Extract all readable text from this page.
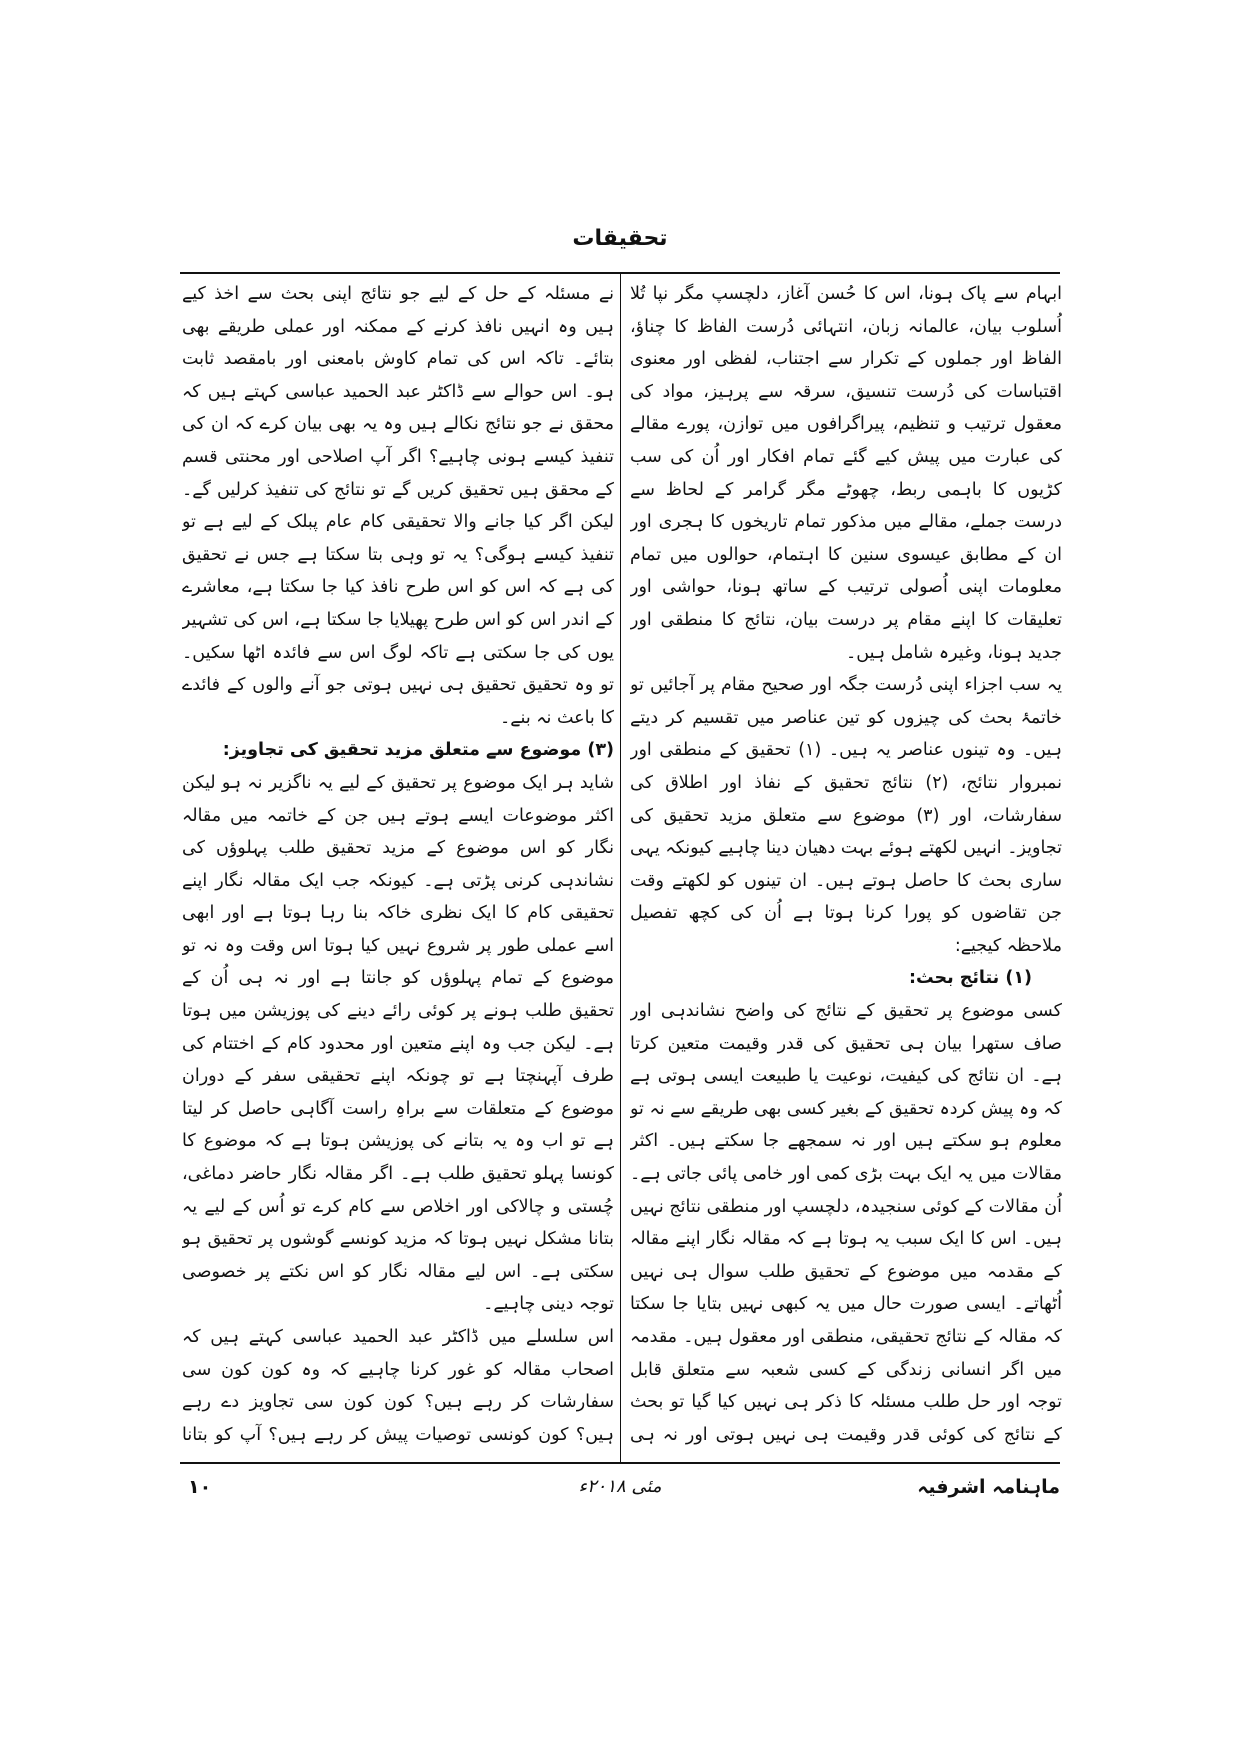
تحقیقات

ابہام سے پاک ہونا، اس کا حُسن آغاز، دلچسپ مگر نپا تُلا اُسلوب بیان، عالمانہ زبان، انتہائی دُرست الفاظ کا چناؤ، الفاظ اور جملوں کے تکرار سے اجتناب، لفظی اور معنوی اقتباسات کی دُرست تنسیق، سرقہ سے پرہیز، مواد کی معقول ترتیب و تنظیم، پیراگرافوں میں توازن، پورے مقالے کی عبارت میں پیش کیے گئے تمام افکار اور اُن کی سب کڑیوں کا باہمی ربط، چھوٹے مگر گرامر کے لحاظ سے درست جملے، مقالے میں مذکور تمام تاریخوں کا ہجری اور ان کے مطابق عیسوی سنین کا اہتمام، حوالوں میں تمام معلومات اپنی اُصولی ترتیب کے ساتھ ہونا، حواشی اور تعلیقات کا اپنے مقام پر درست بیان، نتائج کا منطقی اور جدید ہونا، وغیرہ شامل ہیں۔

یہ سب اجزاء اپنی دُرست جگہ اور صحیح مقام پر آجائیں تو خاتمۂ بحث کی چیزوں کو تین عناصر میں تقسیم کر دیتے ہیں۔ وہ تینوں عناصر یہ ہیں۔ (۱) تحقیق کے منطقی اور نمبروار نتائج، (۲) نتائج تحقیق کے نفاذ اور اطلاق کی سفارشات، اور (۳) موضوع سے متعلق مزید تحقیق کی تجاویز۔ انہیں لکھتے ہوئے بہت دھیان دینا چاہیے کیونکہ یہی ساری بحث کا حاصل ہوتے ہیں۔ ان تینوں کو لکھتے وقت جن تقاضوں کو پورا کرنا ہوتا ہے اُن کی کچھ تفصیل ملاحظہ کیجیے:

(۱) نتائج بحث:

کسی موضوع پر تحقیق کے نتائج کی واضح نشاندہی اور صاف ستھرا بیان ہی تحقیق کی قدر وقیمت متعین کرتا ہے۔ ان نتائج کی کیفیت، نوعیت یا طبیعت ایسی ہوتی ہے کہ وہ پیش کردہ تحقیق کے بغیر کسی بھی طریقے سے نہ تو معلوم ہو سکتے ہیں اور نہ سمجھے جا سکتے ہیں۔ اکثر مقالات میں یہ ایک بہت بڑی کمی اور خامی پائی جاتی ہے۔ اُن مقالات کے کوئی سنجیدہ، دلچسپ اور منطقی نتائج نہیں ہیں۔ اس کا ایک سبب یہ ہوتا ہے کہ مقالہ نگار اپنے مقالہ کے مقدمہ میں موضوع کے تحقیق طلب سوال ہی نہیں اُٹھاتے۔ ایسی صورت حال میں یہ کبھی نہیں بتایا جا سکتا کہ مقالہ کے نتائج تحقیقی، منطقی اور معقول ہیں۔ مقدمہ میں اگر انسانی زندگی کے کسی شعبہ سے متعلق قابل توجہ اور حل طلب مسئلہ کا ذکر ہی نہیں کیا گیا تو بحث کے نتائج کی کوئی قدر وقیمت ہی نہیں ہوتی اور نہ ہی

نے مسئلہ کے حل کے لیے جو نتائج اپنی بحث سے اخذ کیے ہیں وہ انہیں نافذ کرنے کے ممکنہ اور عملی طریقے بھی بتائے۔ تاکہ اس کی تمام کاوش بامعنی اور بامقصد ثابت ہو۔ اس حوالے سے ڈاکٹر عبد الحمید عباسی کہتے ہیں کہ محقق نے جو نتائج نکالے ہیں وہ یہ بھی بیان کرے کہ ان کی تنفیذ کیسے ہونی چاہیے؟ اگر آپ اصلاحی اور محنتی قسم کے محقق ہیں تحقیق کریں گے تو نتائج کی تنفیذ کرلیں گے۔ لیکن اگر کیا جانے والا تحقیقی کام عام پبلک کے لیے ہے تو تنفیذ کیسے ہوگی؟ یہ تو وہی بتا سکتا ہے جس نے تحقیق کی ہے کہ اس کو اس طرح نافذ کیا جا سکتا ہے، معاشرے کے اندر اس کو اس طرح پھیلایا جا سکتا ہے، اس کی تشہیر یوں کی جا سکتی ہے تاکہ لوگ اس سے فائدہ اٹھا سکیں۔ تو وہ تحقیق تحقیق ہی نہیں ہوتی جو آنے والوں کے فائدے کا باعث نہ بنے۔

(۳) موضوع سے متعلق مزید تحقیق کی تجاویز:

شاید ہر ایک موضوع پر تحقیق کے لیے یہ ناگزیر نہ ہو لیکن اکثر موضوعات ایسے ہوتے ہیں جن کے خاتمہ میں مقالہ نگار کو اس موضوع کے مزید تحقیق طلب پہلوؤں کی نشاندہی کرنی پڑتی ہے۔ کیونکہ جب ایک مقالہ نگار اپنے تحقیقی کام کا ایک نظری خاکہ بنا رہا ہوتا ہے اور ابھی اسے عملی طور پر شروع نہیں کیا ہوتا اس وقت وہ نہ تو موضوع کے تمام پہلوؤں کو جانتا ہے اور نہ ہی اُن کے تحقیق طلب ہونے پر کوئی رائے دینے کی پوزیشن میں ہوتا ہے۔ لیکن جب وہ اپنے متعین اور محدود کام کے اختتام کی طرف آپہنچتا ہے تو چونکہ اپنے تحقیقی سفر کے دوران موضوع کے متعلقات سے براہِ راست آگاہی حاصل کر لیتا ہے تو اب وہ یہ بتانے کی پوزیشن ہوتا ہے کہ موضوع کا کونسا پہلو تحقیق طلب ہے۔ اگر مقالہ نگار حاضر دماغی، چُستی و چالاکی اور اخلاص سے کام کرے تو اُس کے لیے یہ بتانا مشکل نہیں ہوتا کہ مزید کونسے گوشوں پر تحقیق ہو سکتی ہے۔ اس لیے مقالہ نگار کو اس نکتے پر خصوصی توجہ دینی چاہیے۔

اس سلسلے میں ڈاکٹر عبد الحمید عباسی کہتے ہیں کہ اصحاب مقالہ کو غور کرنا چاہیے کہ وہ کون کون سی سفارشات کر رہے ہیں؟ کون کون سی تجاویز دے رہے ہیں؟ کون کونسی توصیات پیش کر رہے ہیں؟ آپ کو بتانا

ماہنامہ اشرفیہ
مئی ۲۰۱۸ء
۱۰
